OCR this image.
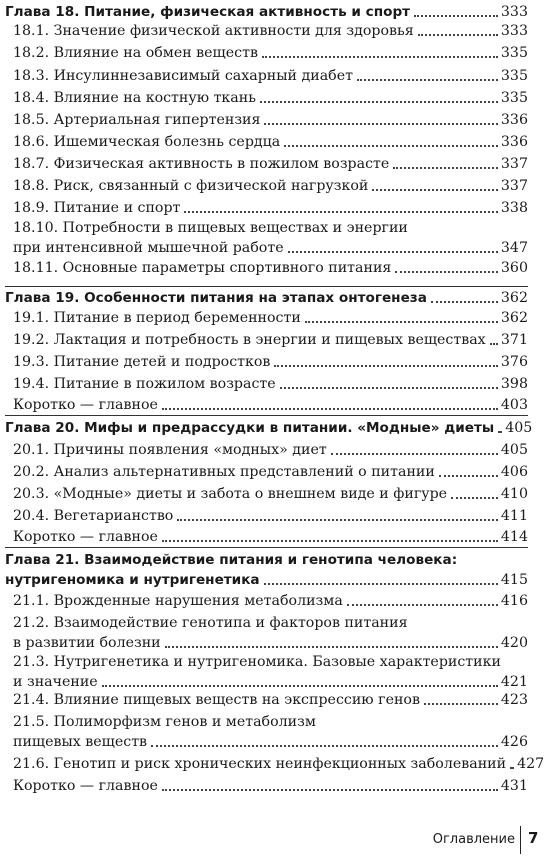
Глава 18. Питание, физическая активность и спорт	333
18.1. Значение физической активности для здоровья	333
18.2. Влияние на обмен веществ	335
18.3. Инсулиннезависимый сахарный диабет	335
18.4. Влияние на костную ткань	335
18.5. Артериальная гипертензия	336
18.6. Ишемическая болезнь сердца	336
18.7. Физическая активность в пожилом возрасте	337
18.8. Риск, связанный с физической нагрузкой	337
18.9. Питание и спорт	338
18.10. Потребности в пищевых веществах и энергии
при интенсивной мышечной работе	347
18.11. Основные параметры спортивного питания	360
Глава 19. Особенности питания на этапах онтогенеза	362
19.1. Питание в период беременности	362
19.2. Лактация и потребность в энергии и пищевых веществах 371
19.3. Питание детей и подростков	376
19.4. Питание в пожилом возрасте	398
Коротко — главное	403
Глава 20. Мифы и предрассудки в питании. «Модные» диеты 405
20.1. Причины появления «модных» диет	405
20.2. Анализ альтернативных представлений о питании	406
20.3. «Модные» диеты и забота о внешнем виде и фигуре	410
20.4. Вегетарианство	411
Коротко — главное	414
Глава 21. Взаимодействие питания и генотипа человека:
нутригеномика и нутригенетика	415
21.1. Врожденные нарушения метаболизма	416
21.2. Взаимодействие генотипа и факторов питания
в развитии болезни	420
21.3. Нутригенетика и нутригеномика. Базовые характеристики
и значение	421
21.4. Влияние пищевых веществ на экспрессию генов	423
21.5. Полиморфизм генов и метаболизм
пищевых веществ	426
21.6. Генотип и риск хронических неинфекционных заболеваний 427
Коротко — главное	431
Оглавление 7
